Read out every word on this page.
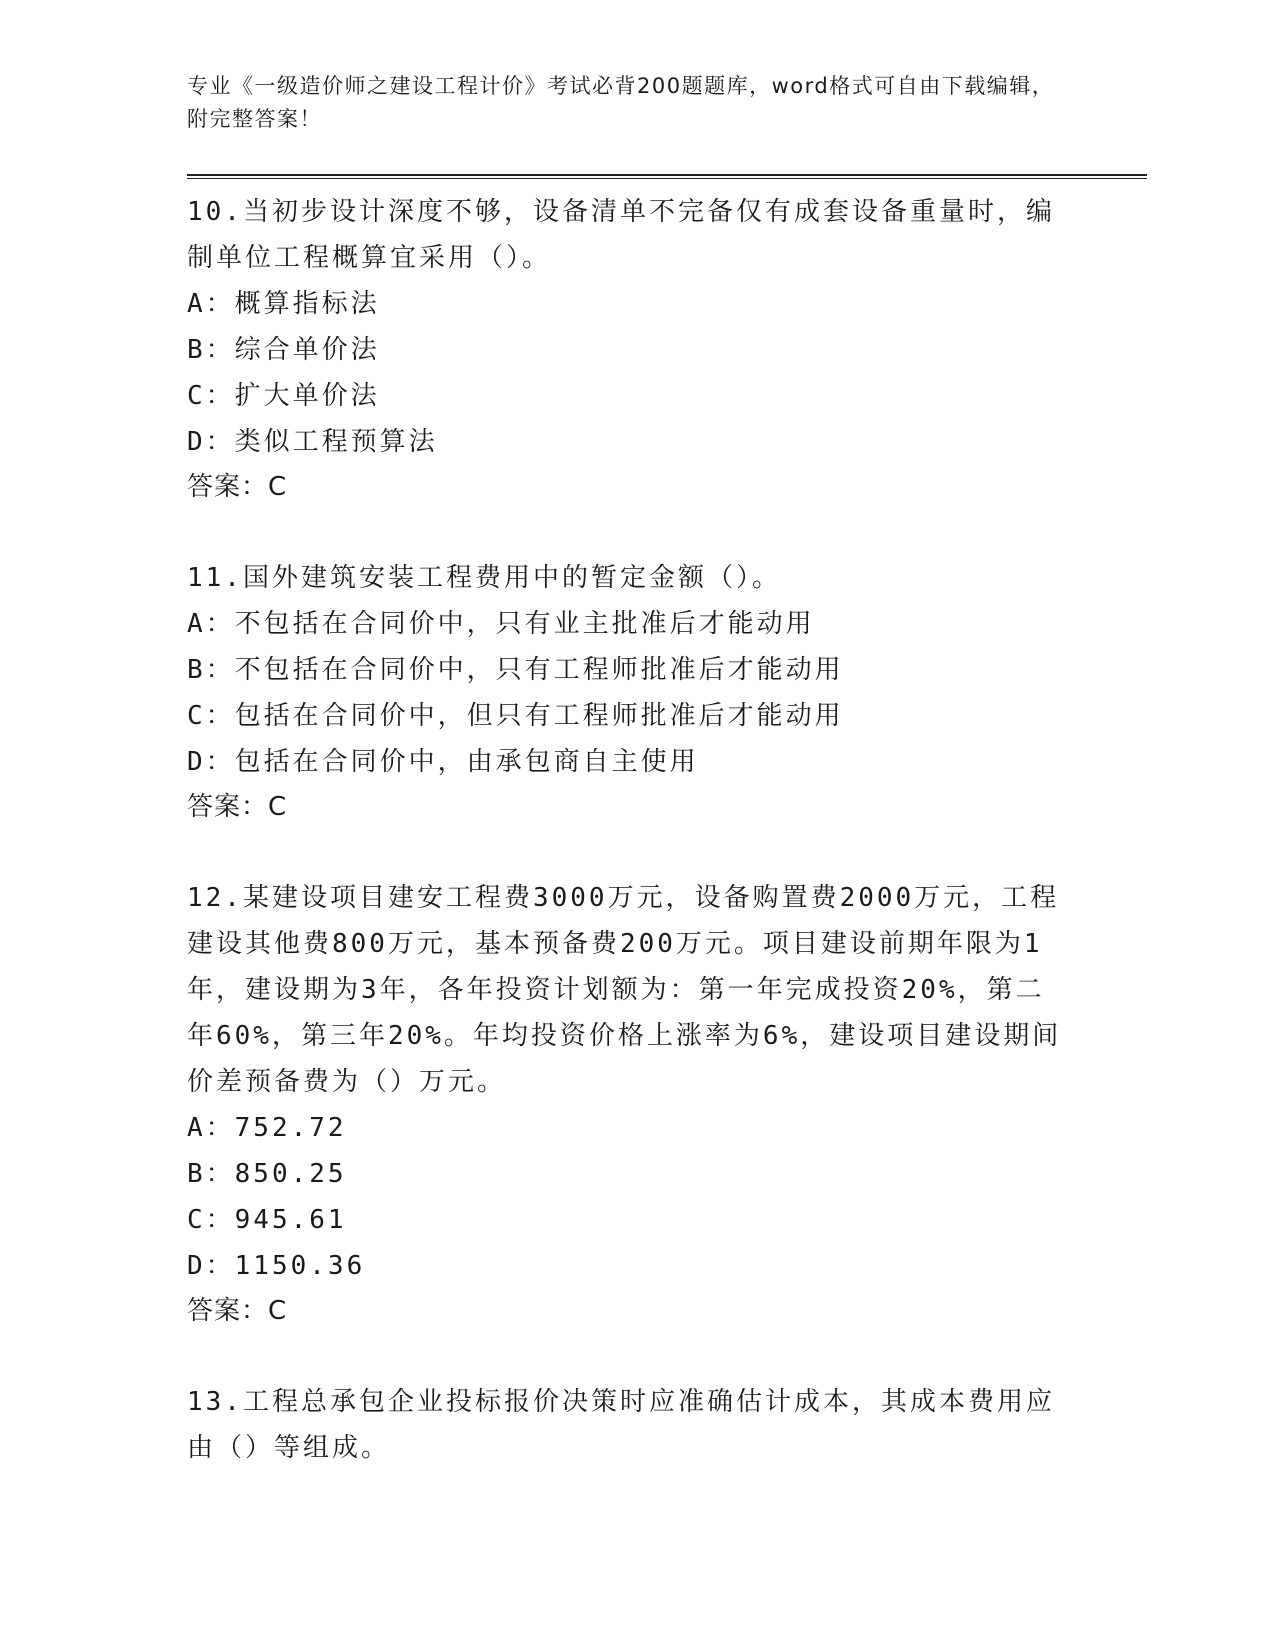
专业《一级造价师之建设工程计价》考试必背200题题库，word格式可自由下载编辑，附完整答案！

10.当初步设计深度不够，设备清单不完备仅有成套设备重量时，编制单位工程概算宜采用（）。

A：概算指标法

B：综合单价法

C：扩大单价法

D：类似工程预算法

答案：C

11.国外建筑安装工程费用中的暂定金额（）。

A：不包括在合同价中，只有业主批准后才能动用

B：不包括在合同价中，只有工程师批准后才能动用

C：包括在合同价中，但只有工程师批准后才能动用

D：包括在合同价中，由承包商自主使用

答案：C

12.某建设项目建安工程费3000万元，设备购置费2000万元，工程建设其他费800万元，基本预备费200万元。项目建设前期年限为1年，建设期为3年，各年投资计划额为：第一年完成投资20%，第二年60%，第三年20%。年均投资价格上涨率为6%，建设项目建设期间价差预备费为（）万元。

A：752.72

B：850.25

C：945.61

D：1150.36

答案：C

13.工程总承包企业投标报价决策时应准确估计成本，其成本费用应由（）等组成。
